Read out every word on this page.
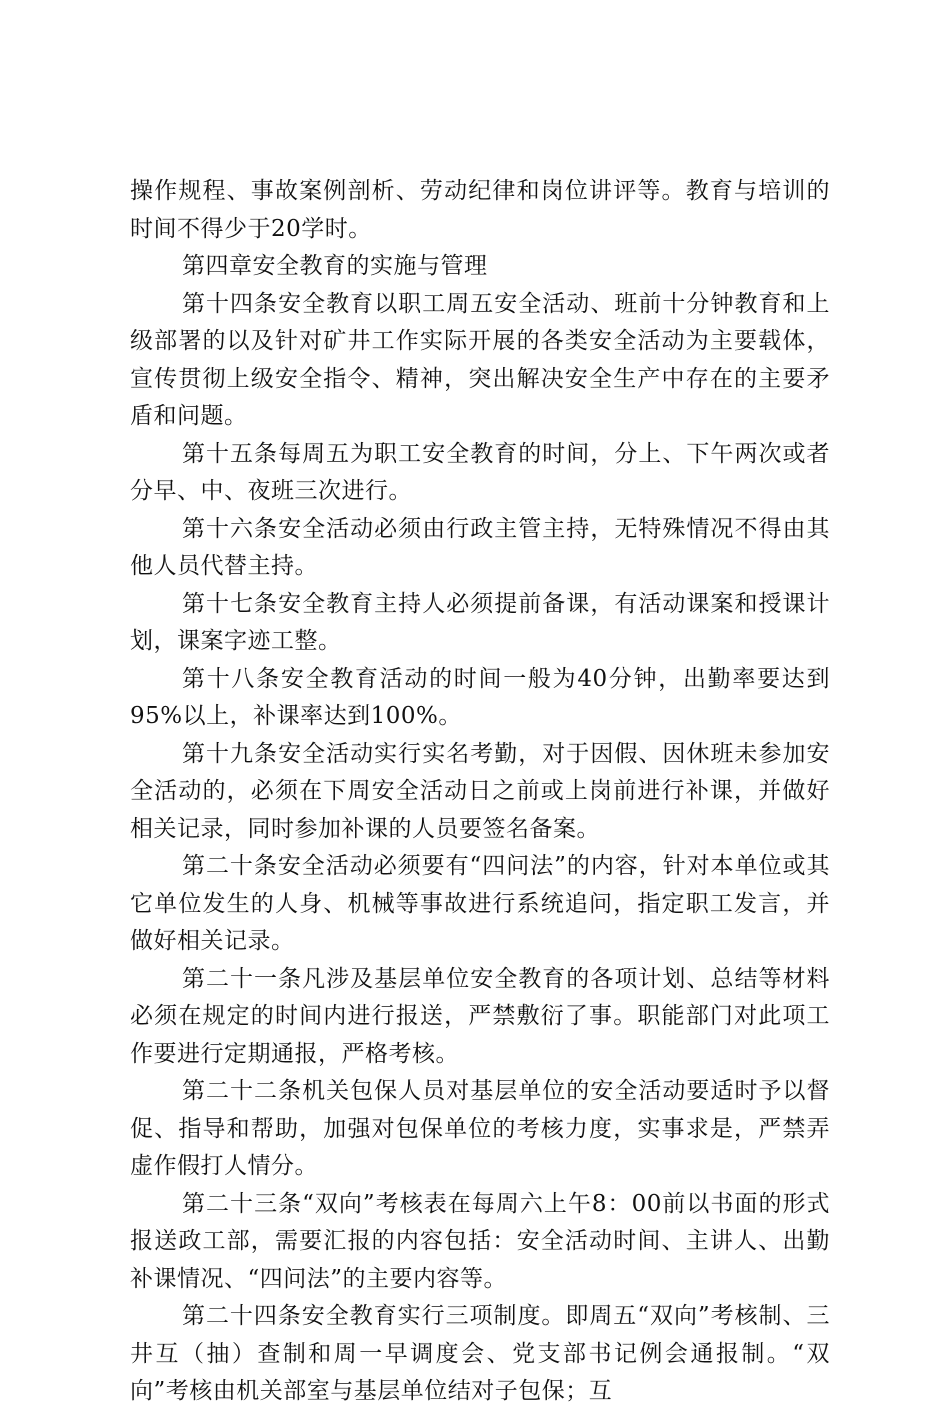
操作规程、事故案例剖析、劳动纪律和岗位讲评等。教育与培训的时间不得少于20学时。

第四章安全教育的实施与管理

第十四条安全教育以职工周五安全活动、班前十分钟教育和上级部署的以及针对矿井工作实际开展的各类安全活动为主要载体，宣传贯彻上级安全指令、精神，突出解决安全生产中存在的主要矛盾和问题。

第十五条每周五为职工安全教育的时间，分上、下午两次或者分早、中、夜班三次进行。

第十六条安全活动必须由行政主管主持，无特殊情况不得由其他人员代替主持。

第十七条安全教育主持人必须提前备课，有活动课案和授课计划，课案字迹工整。

第十八条安全教育活动的时间一般为40分钟，出勤率要达到95%以上，补课率达到100%。

第十九条安全活动实行实名考勤，对于因假、因休班未参加安全活动的，必须在下周安全活动日之前或上岗前进行补课，并做好相关记录，同时参加补课的人员要签名备案。

第二十条安全活动必须要有“四问法”的内容，针对本单位或其它单位发生的人身、机械等事故进行系统追问，指定职工发言，并做好相关记录。

第二十一条凡涉及基层单位安全教育的各项计划、总结等材料必须在规定的时间内进行报送，严禁敷衍了事。职能部门对此项工作要进行定期通报，严格考核。

第二十二条机关包保人员对基层单位的安全活动要适时予以督促、指导和帮助，加强对包保单位的考核力度，实事求是，严禁弄虚作假打人情分。

第二十三条“双向”考核表在每周六上午8：00前以书面的形式报送政工部，需要汇报的内容包括：安全活动时间、主讲人、出勤补课情况、“四问法”的主要内容等。

第二十四条安全教育实行三项制度。即周五“双向”考核制、三井互（抽）查制和周一早调度会、党支部书记例会通报制。“双向”考核由机关部室与基层单位结对子包保；互
